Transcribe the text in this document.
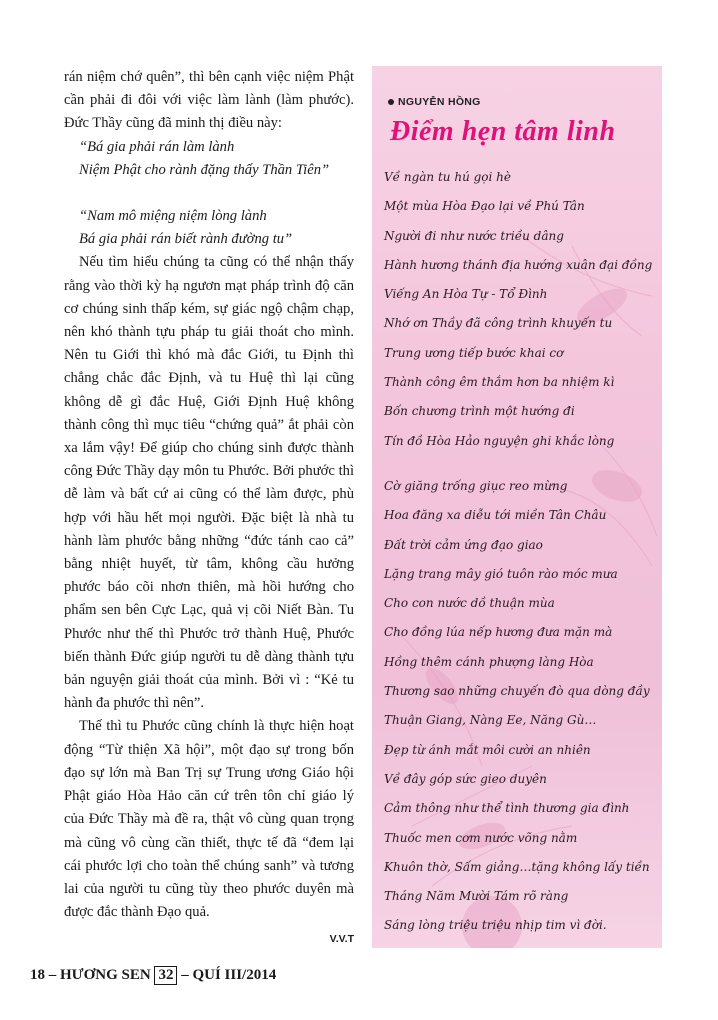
rán niệm chớ quên”, thì bên cạnh việc niệm Phật cần phải đi đôi với việc làm lành (làm phước). Đức Thầy cũng đã minh thị điều này:

“Bá gia phải rán làm lành

Niệm Phật cho rành đặng thấy Thần Tiên”

“Nam mô miệng niệm lòng lành

Bá gia phải rán biết rành đường tu”

Nếu tìm hiểu chúng ta cũng có thể nhận thấy rằng vào thời kỳ hạ ngươn mạt pháp trình độ căn cơ chúng sinh thấp kém, sự giác ngộ chậm chạp, nên khó thành tựu pháp tu giải thoát cho mình. Nên tu Giới thì khó mà đắc Giới, tu Định thì chẳng chắc đắc Định, và tu Huệ thì lại cũng không dễ gì đắc Huệ, Giới Định Huệ không thành công thì mục tiêu “chứng quả” ắt phải còn xa lắm vậy! Để giúp cho chúng sinh được thành công Đức Thầy dạy môn tu Phước. Bởi phước thì dễ làm và bất cứ ai cũng có thể làm được, phù hợp với hầu hết mọi người. Đặc biệt là nhà tu hành làm phước bằng những “đức tánh cao cả” bằng nhiệt huyết, từ tâm, không cầu hưởng phước báo cõi nhơn thiên, mà hồi hướng cho phẩm sen bên Cực Lạc, quả vị cõi Niết Bàn. Tu Phước như thế thì Phước trở thành Huệ, Phước biến thành Đức giúp người tu dễ dàng thành tựu bản nguyện giải thoát của mình. Bởi vì : “Kẻ tu hành đa phước thì nên”.

Thế thì tu Phước cũng chính là thực hiện hoạt động “Từ thiện Xã hội”, một đạo sự trong bốn đạo sự lớn mà Ban Trị sự Trung ương Giáo hội Phật giáo Hòa Hảo căn cứ trên tôn chỉ giáo lý của Đức Thầy mà đề ra, thật vô cùng quan trọng mà cũng vô cùng cần thiết, thực tế đã “đem lại cái phước lợi cho toàn thể chúng sanh” và tương lai của người tu cũng tùy theo phước duyên mà được đắc thành Đạo quả.

V.V.T
18 – HƯƠNG SEN 32 – QUÍ III/2014
NGUYỄN HỒNG
Điểm hẹn tâm linh
Về ngàn tu hú gọi hè
Một mùa Hòa Đạo lại về Phú Tân
Người đi như nước triều dâng
Hành hương thánh địa hướng xuân đại đồng
Viếng An Hòa Tự - Tổ Đình
Nhớ ơn Thầy đã công trình khuyến tu
Trung ương tiếp bước khai cơ
Thành công êm thắm hơn ba nhiệm kì
Bốn chương trình một hướng đi
Tín đồ Hòa Hảo nguyện ghi khắc lòng
Cờ giăng trống giục reo mừng
Hoa đăng xa diễu tới miền Tân Châu
Đất trời cảm ứng đạo giao
Lặng trang mây gió tuôn rào móc mưa
Cho con nước dồ thuận mùa
Cho đồng lúa nếp hương đưa mặn mà
Hồng thêm cánh phượng làng Hòa
Thương sao những chuyến đò qua dòng đầy
Thuận Giang, Nàng Ee, Năng Gù…
Đẹp từ ánh mắt môi cười an nhiên
Về đây góp sức gieo duyên
Cảm thông như thể tình thương gia đình
Thuốc men cơm nước võng nằm
Khuôn thờ, Sấm giảng…tặng không lấy tiền
Tháng Năm Mười Tám rõ ràng
Sáng lòng triệu triệu nhịp tim vì đời.
